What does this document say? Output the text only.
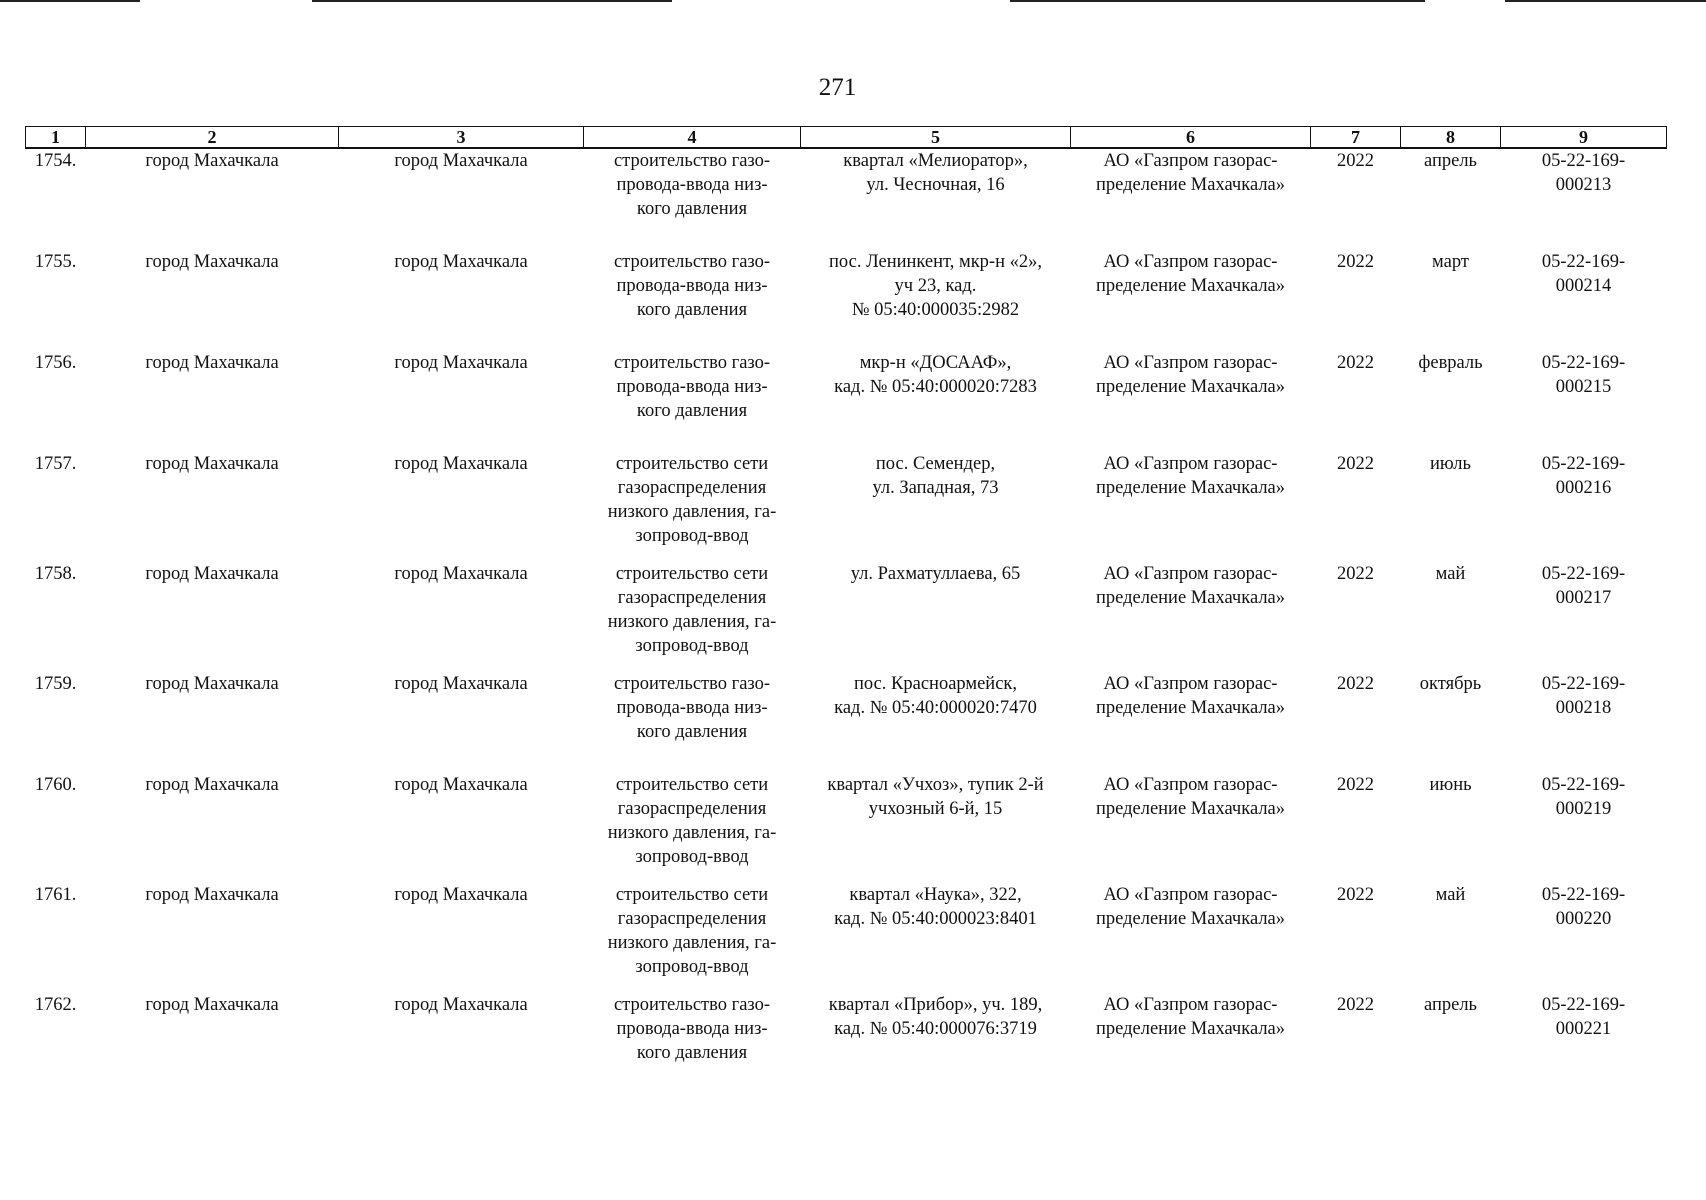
271
1	2	3	4	5	6	7	8	9
1754.	город Махачкала	город Махачкала	строительство газо-
провода-ввода низ-
кого давления	квартал «Мелиоратор»,
ул. Чесночная, 16	АО «Газпром газорас-
пределение Махачкала»	2022	апрель	05-22-169-
000213

1755.	город Махачкала	город Махачкала	строительство газо-
провода-ввода низ-
кого давления	пос. Ленинкент, мкр-н «2»,
уч 23, кад.
№ 05:40:000035:2982	АО «Газпром газорас-
пределение Махачкала»	2022	март	05-22-169-
000214

1756.	город Махачкала	город Махачкала	строительство газо-
провода-ввода низ-
кого давления	мкр-н «ДОСААФ»,
кад. № 05:40:000020:7283	АО «Газпром газорас-
пределение Махачкала»	2022	февраль	05-22-169-
000215

1757.	город Махачкала	город Махачкала	строительство сети
газораспределения
низкого давления, га-
зопровод-ввод	пос. Семендер,
ул. Западная, 73	АО «Газпром газорас-
пределение Махачкала»	2022	июль	05-22-169-
000216

1758.	город Махачкала	город Махачкала	строительство сети
газораспределения
низкого давления, га-
зопровод-ввод	ул. Рахматуллаева, 65	АО «Газпром газорас-
пределение Махачкала»	2022	май	05-22-169-
000217

1759.	город Махачкала	город Махачкала	строительство газо-
провода-ввода низ-
кого давления	пос. Красноармейск,
кад. № 05:40:000020:7470	АО «Газпром газорас-
пределение Махачкала»	2022	октябрь	05-22-169-
000218

1760.	город Махачкала	город Махачкала	строительство сети
газораспределения
низкого давления, га-
зопровод-ввод	квартал «Учхоз», тупик 2-й
учхозный 6-й, 15	АО «Газпром газорас-
пределение Махачкала»	2022	июнь	05-22-169-
000219

1761.	город Махачкала	город Махачкала	строительство сети
газораспределения
низкого давления, га-
зопровод-ввод	квартал «Наука», 322,
кад. № 05:40:000023:8401	АО «Газпром газорас-
пределение Махачкала»	2022	май	05-22-169-
000220

1762.	город Махачкала	город Махачкала	строительство газо-
провода-ввода низ-
кого давления	квартал «Прибор», уч. 189,
кад. № 05:40:000076:3719	АО «Газпром газорас-
пределение Махачкала»	2022	апрель	05-22-169-
000221
